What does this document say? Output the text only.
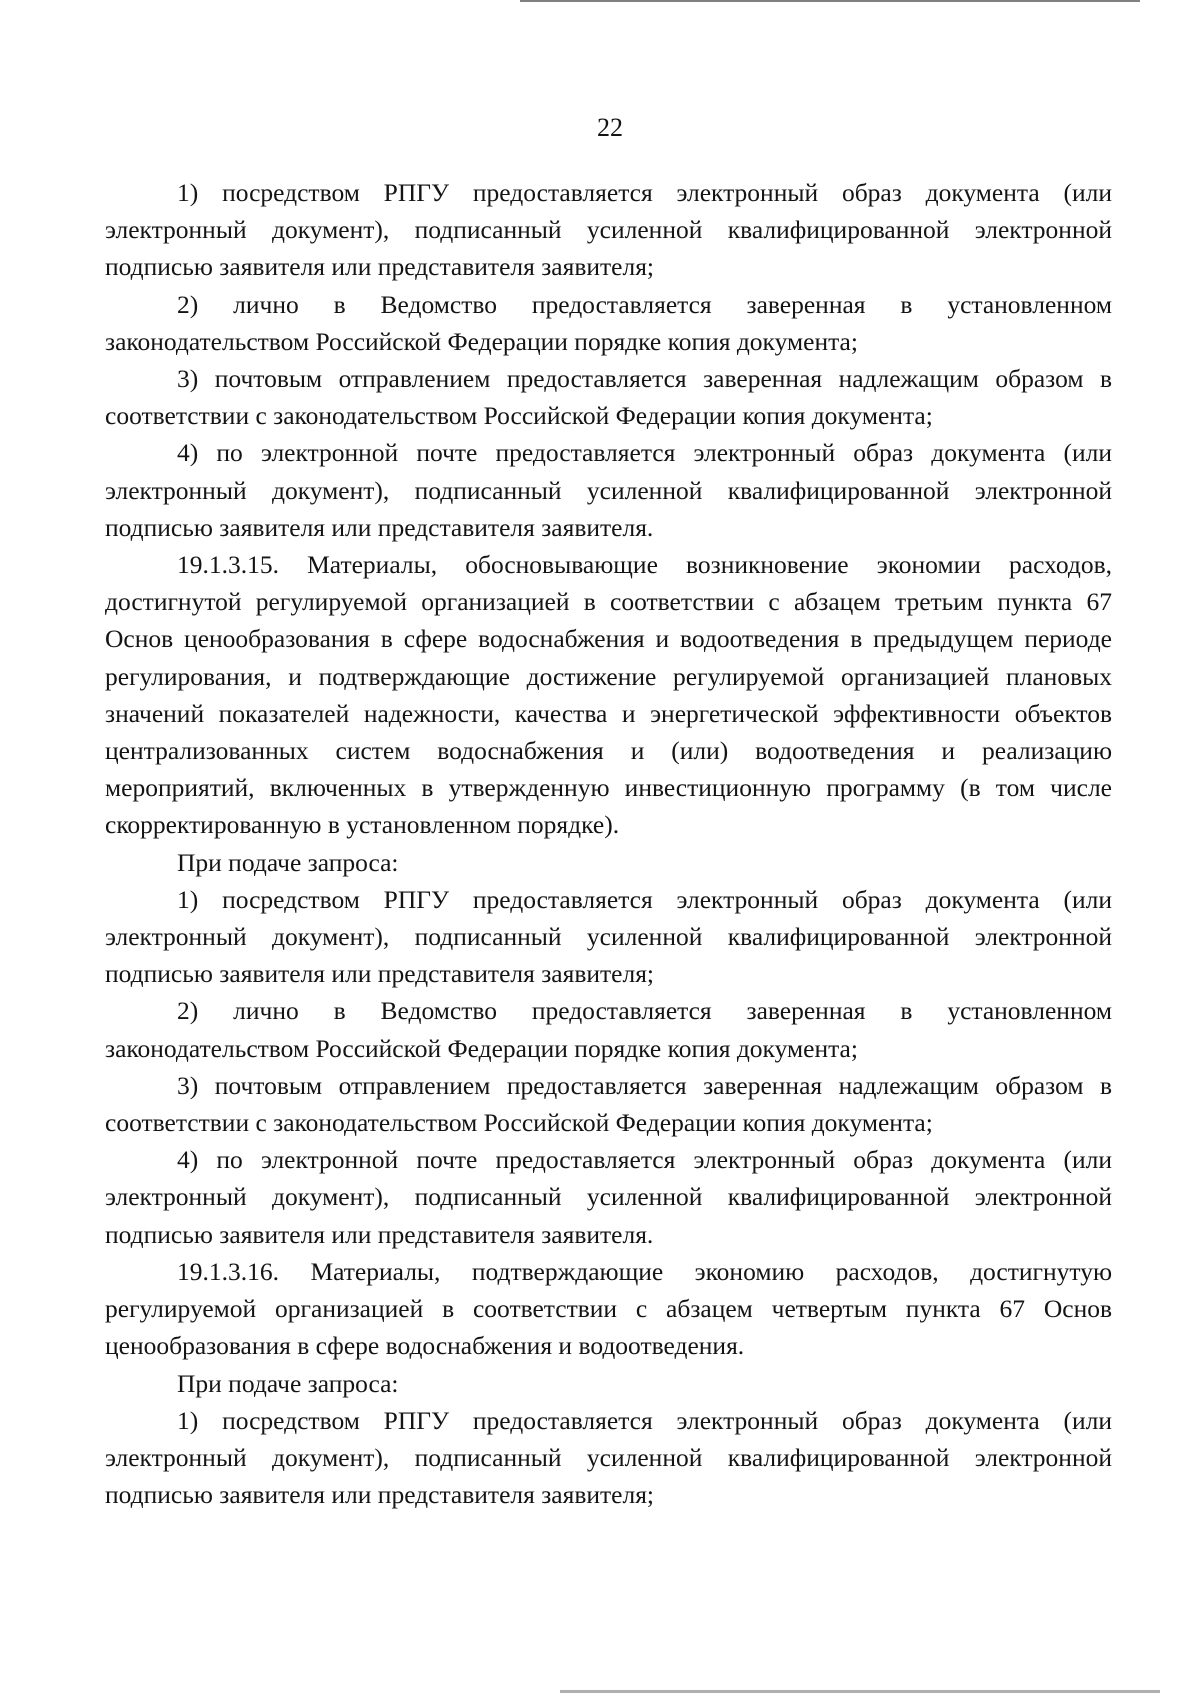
22

1) посредством РПГУ предоставляется электронный образ документа (или электронный документ), подписанный усиленной квалифицированной электронной подписью заявителя или представителя заявителя;

2) лично в Ведомство предоставляется заверенная в установленном законодательством Российской Федерации порядке копия документа;

3) почтовым отправлением предоставляется заверенная надлежащим образом в соответствии с законодательством Российской Федерации копия документа;

4) по электронной почте предоставляется электронный образ документа (или электронный документ), подписанный усиленной квалифицированной электронной подписью заявителя или представителя заявителя.

19.1.3.15. Материалы, обосновывающие возникновение экономии расходов, достигнутой регулируемой организацией в соответствии с абзацем третьим пункта 67 Основ ценообразования в сфере водоснабжения и водоотведения в предыдущем периоде регулирования, и подтверждающие достижение регулируемой организацией плановых значений показателей надежности, качества и энергетической эффективности объектов централизованных систем водоснабжения и (или) водоотведения и реализацию мероприятий, включенных в утвержденную инвестиционную программу (в том числе скорректированную в установленном порядке).

При подаче запроса:

1) посредством РПГУ предоставляется электронный образ документа (или электронный документ), подписанный усиленной квалифицированной электронной подписью заявителя или представителя заявителя;

2) лично в Ведомство предоставляется заверенная в установленном законодательством Российской Федерации порядке копия документа;

3) почтовым отправлением предоставляется заверенная надлежащим образом в соответствии с законодательством Российской Федерации копия документа;

4) по электронной почте предоставляется электронный образ документа (или электронный документ), подписанный усиленной квалифицированной электронной подписью заявителя или представителя заявителя.

19.1.3.16. Материалы, подтверждающие экономию расходов, достигнутую регулируемой организацией в соответствии с абзацем четвертым пункта 67 Основ ценообразования в сфере водоснабжения и водоотведения.

При подаче запроса:

1) посредством РПГУ предоставляется электронный образ документа (или электронный документ), подписанный усиленной квалифицированной электронной подписью заявителя или представителя заявителя;
